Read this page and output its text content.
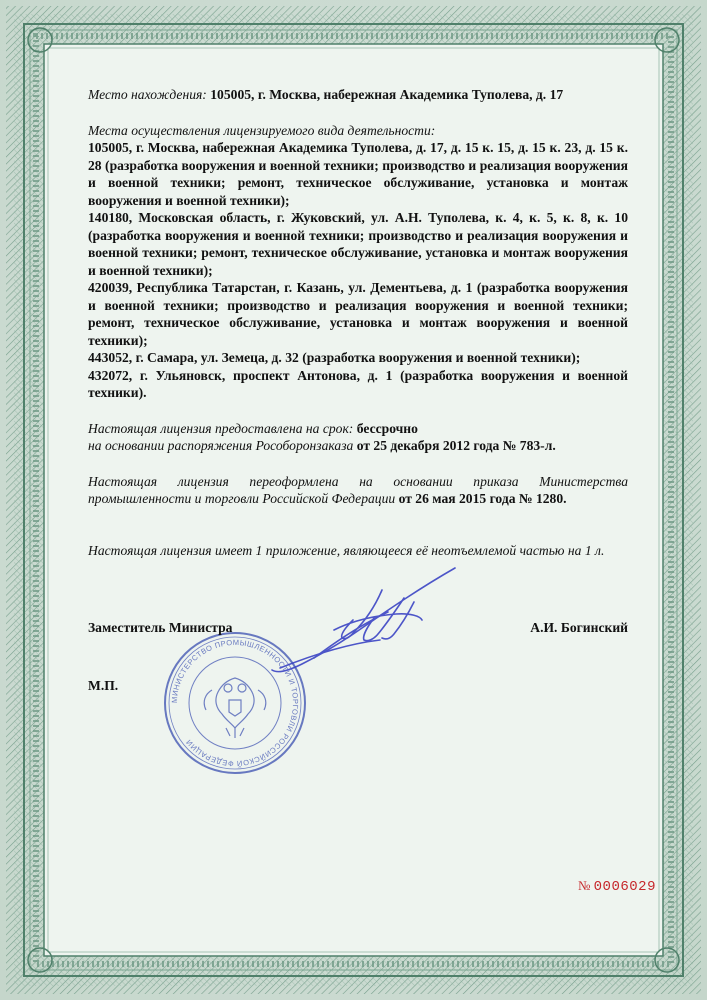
Место нахождения: 105005, г. Москва, набережная Академика Туполева, д. 17

Места осуществления лицензируемого вида деятельности:
105005, г. Москва, набережная Академика Туполева, д. 17, д. 15 к. 15, д. 15 к. 23, д. 15 к. 28 (разработка вооружения и военной техники; производство и реализация вооружения и военной техники; ремонт, техническое обслуживание, установка и монтаж вооружения и военной техники);
140180, Московская область, г. Жуковский, ул. А.Н. Туполева, к. 4, к. 5, к. 8, к. 10 (разработка вооружения и военной техники; производство и реализация вооружения и военной техники; ремонт, техническое обслуживание, установка и монтаж вооружения и военной техники);
420039, Республика Татарстан, г. Казань, ул. Дементьева, д. 1 (разработка вооружения и военной техники; производство и реализация вооружения и военной техники; ремонт, техническое обслуживание, установка и монтаж вооружения и военной техники);
443052, г. Самара, ул. Земеца, д. 32 (разработка вооружения и военной техники);
432072, г. Ульяновск, проспект Антонова, д. 1 (разработка вооружения и военной техники).
Настоящая лицензия предоставлена на срок: бессрочно
на основании распоряжения Рособоронзаказа от 25 декабря 2012 года № 783-л.

Настоящая лицензия переоформлена на основании приказа Министерства промышленности и торговли Российской Федерации от 26 мая 2015 года № 1280.

Настоящая лицензия имеет 1 приложение, являющееся её неотъемлемой частью на 1 л.

МИНИСТЕРСТВО ПРОМЫШЛЕННОСТИ И ТОРГОВЛИ РОССИЙСКОЙ ФЕДЕРАЦИИ
Заместитель Министра	А.И. Богинский
М.П.
№ 0006029
